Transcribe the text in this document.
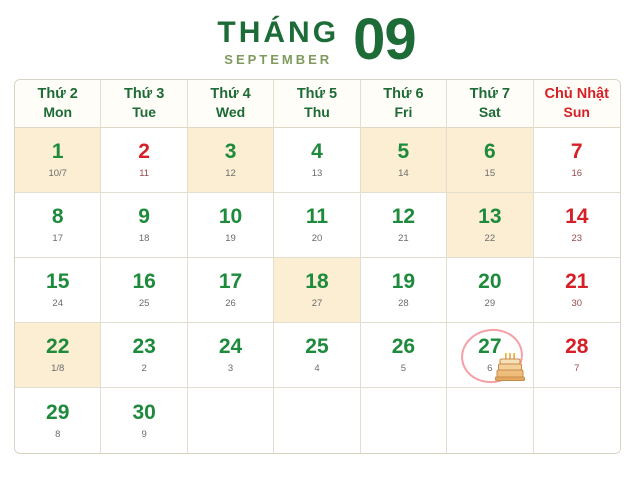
THÁNG
SEPTEMBER 09
Thứ 2
Mon
Thứ 3
Tue
Thứ 4
Wed
Thứ 5
Thu
Thứ 6
Fri
Thứ 7
Sat
Chủ Nhật
Sun
1
10/7
2
11
3
12
4
13
5
14
6
15
7
16
8
17
9
18
10
19
11
20
12
21
13
22
14
23
15
24
16
25
17
26
18
27
19
28
20
29
21
30
22
1/8
23
2
24
3
25
4
26
5
27
6
28
7
29
8
30
9
